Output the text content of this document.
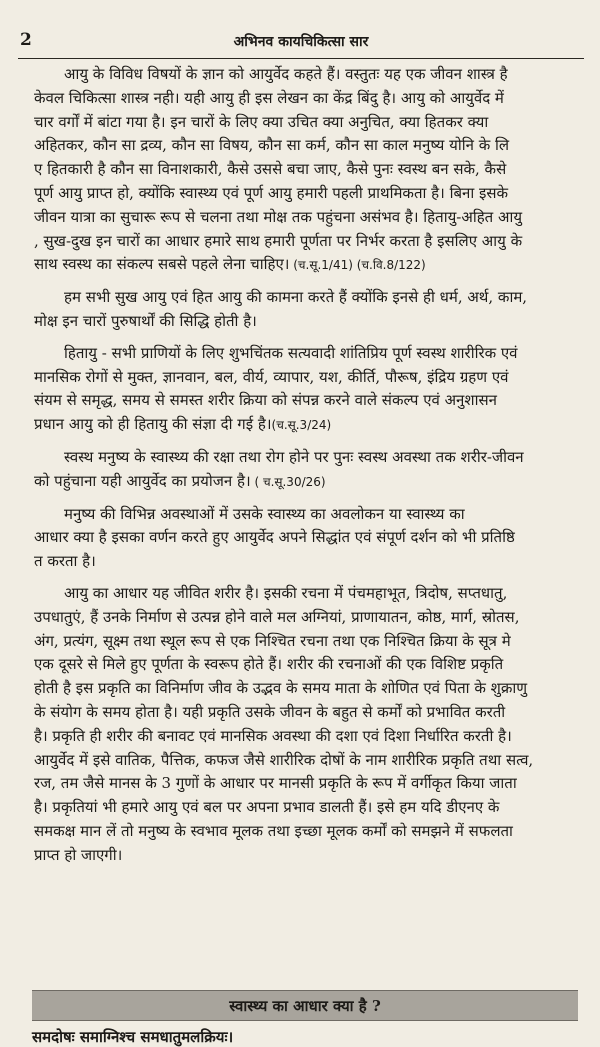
2	अभिनव कायचिकित्सा सार
आयु के विविध विषयों के ज्ञान को आयुर्वेद कहते हैं। वस्तुतः यह एक जीवन शास्त्र है
केवल चिकित्सा शास्त्र नही। यही आयु ही इस लेखन का केंद्र बिंदु है। आयु को आयुर्वेद में
चार वर्गों में बांटा गया है। इन चारों के लिए क्या उचित क्या अनुचित, क्या हितकर क्या
अहितकर, कौन सा द्रव्य, कौन सा विषय, कौन सा कर्म, कौन सा काल मनुष्य योनि के लि
ए हितकारी है कौन सा विनाशकारी, कैसे उससे बचा जाए, कैसे पुनः स्वस्थ बन सके, कैसे
पूर्ण आयु प्राप्त हो, क्योंकि स्वास्थ्य एवं पूर्ण आयु हमारी पहली प्राथमिकता है। बिना इसके
जीवन यात्रा का सुचारू रूप से चलना तथा मोक्ष तक पहुंचना असंभव है। हितायु-अहित आयु
, सुख-दुख इन चारों का आधार हमारे साथ हमारी पूर्णता पर निर्भर करता है इसलिए आयु के
साथ स्वस्थ का संकल्प सबसे पहले लेना चाहिए। (च.सू.1/41) (च.वि.8/122)
हम सभी सुख आयु एवं हित आयु की कामना करते हैं क्योंकि इनसे ही धर्म, अर्थ, काम,
मोक्ष इन चारों पुरुषार्थों की सिद्धि होती है।
हितायु - सभी प्राणियों के लिए शुभचिंतक सत्यवादी शांतिप्रिय पूर्ण स्वस्थ शारीरिक एवं
मानसिक रोगों से मुक्त, ज्ञानवान, बल, वीर्य, व्यापार, यश, कीर्ति, पौरूष, इंद्रिय ग्रहण एवं
संयम से समृद्ध, समय से समस्त शरीर क्रिया को संपन्न करने वाले संकल्प एवं अनुशासन
प्रधान आयु को ही हितायु की संज्ञा दी गई है।(च.सू.3/24)
स्वस्थ मनुष्य के स्वास्थ्य की रक्षा तथा रोग होने पर पुनः स्वस्थ अवस्था तक शरीर-जीवन
को पहुंचाना यही आयुर्वेद का प्रयोजन है। ( च.सू.30/26)
मनुष्य की विभिन्न अवस्थाओं में उसके स्वास्थ्य का अवलोकन या स्वास्थ्य का
आधार क्या है इसका वर्णन करते हुए आयुर्वेद अपने सिद्धांत एवं संपूर्ण दर्शन को भी प्रतिष्ठि
त करता है।
आयु का आधार यह जीवित शरीर है। इसकी रचना में पंचमहाभूत, त्रिदोष, सप्तधातु,
उपधातुएं, हैं उनके निर्माण से उत्पन्न होने वाले मल अग्नियां, प्राणायातन, कोष्ठ, मार्ग, स्रोतस,
अंग, प्रत्यंग, सूक्ष्म तथा स्थूल रूप से एक निश्चित रचना तथा एक निश्चित क्रिया के सूत्र मे
एक दूसरे से मिले हुए पूर्णता के स्वरूप होते हैं। शरीर की रचनाओं की एक विशिष्ट प्रकृति
होती है इस प्रकृति का विनिर्माण जीव के उद्भव के समय माता के शोणित एवं पिता के शुक्राणु
के संयोग के समय होता है। यही प्रकृति उसके जीवन के बहुत से कर्मों को प्रभावित करती
है। प्रकृति ही शरीर की बनावट एवं मानसिक अवस्था की दशा एवं दिशा निर्धारित करती है।
आयुर्वेद में इसे वातिक, पैत्तिक, कफज जैसे शारीरिक दोषों के नाम शारीरिक प्रकृति तथा सत्व,
रज, तम जैसे मानस के 3 गुणों के आधार पर मानसी प्रकृति के रूप में वर्गीकृत किया जाता
है। प्रकृतियां भी हमारे आयु एवं बल पर अपना प्रभाव डालती हैं। इसे हम यदि डीएनए के
समकक्ष मान लें तो मनुष्य के स्वभाव मूलक तथा इच्छा मूलक कर्मों को समझने में सफलता
प्राप्त हो जाएगी।
स्वास्थ्य का आधार क्या है ?
समदोषः समाग्निश्च समधातुमलक्रियः।
